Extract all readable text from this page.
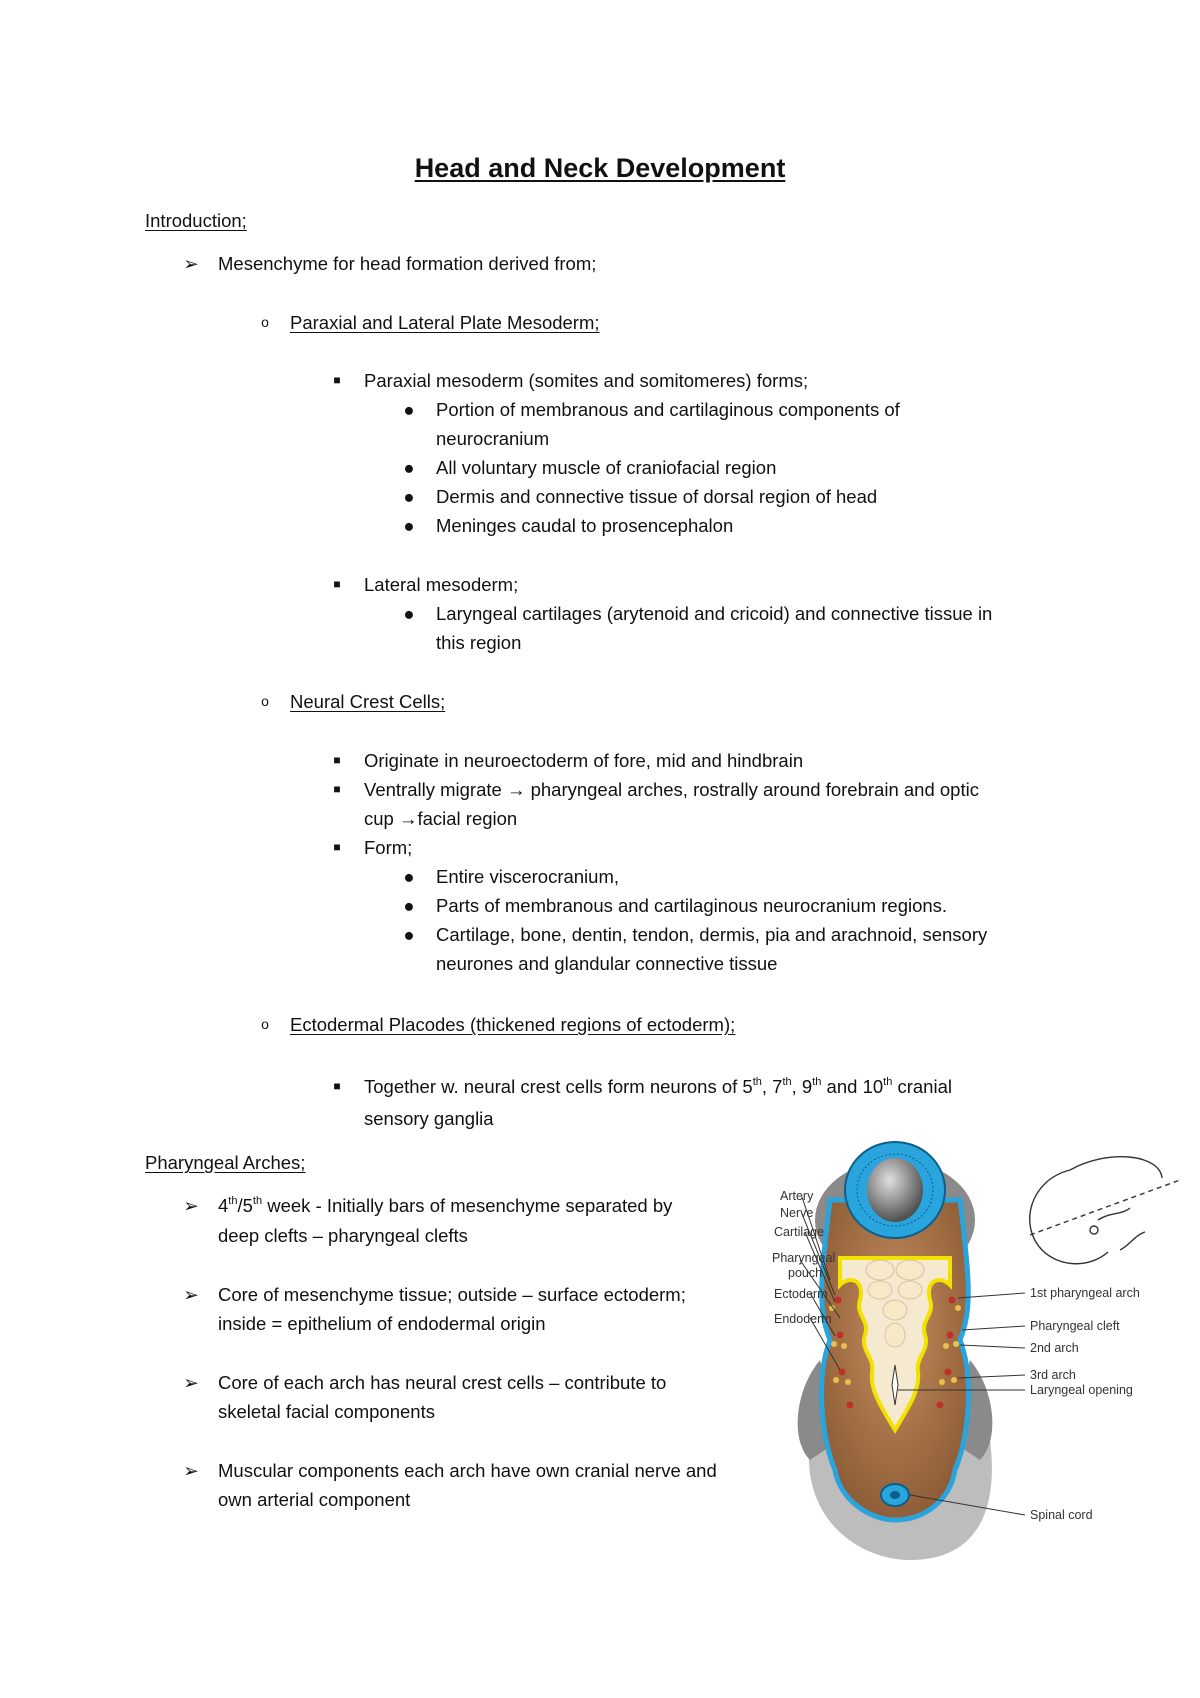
Head and Neck Development
Introduction;
➢ Mesenchyme for head formation derived from;
o	Paraxial and Lateral Plate Mesoderm;
■	Paraxial mesoderm (somites and somitomeres) forms;
● Portion of membranous and cartilaginous components of
neurocranium
● All voluntary muscle of craniofacial region
● Dermis and connective tissue of dorsal region of head
● Meninges caudal to prosencephalon
■	Lateral mesoderm;
● Laryngeal cartilages (arytenoid and cricoid) and connective tissue in
this region
o	Neural Crest Cells;
■	Originate in neuroectoderm of fore, mid and hindbrain
■	Ventrally migrate → pharyngeal arches, rostrally around forebrain and optic
cup →facial region
■	Form;
● Entire viscerocranium,
● Parts of membranous and cartilaginous neurocranium regions.
● Cartilage, bone, dentin, tendon, dermis, pia and arachnoid, sensory
neurones and glandular connective tissue
o	Ectodermal Placodes (thickened regions of ectoderm);
■	Together w. neural crest cells form neurons of 5th, 7th, 9th and 10th cranial
sensory ganglia
Pharyngeal Arches;
➢ 4th/5th week - Initially bars of mesenchyme separated by
deep clefts – pharyngeal clefts
➢ Core of mesenchyme tissue; outside – surface ectoderm;
inside = epithelium of endodermal origin
➢ Core of each arch has neural crest cells – contribute to
skeletal facial components
➢ Muscular components each arch have own cranial nerve and
own arterial component
Artery
Nerve
Cartilage
Pharyngeal
pouch
Ectoderm
Endoderm
1st pharyngeal arch
Pharyngeal cleft
2nd arch
3rd arch
Laryngeal opening
Spinal cord
